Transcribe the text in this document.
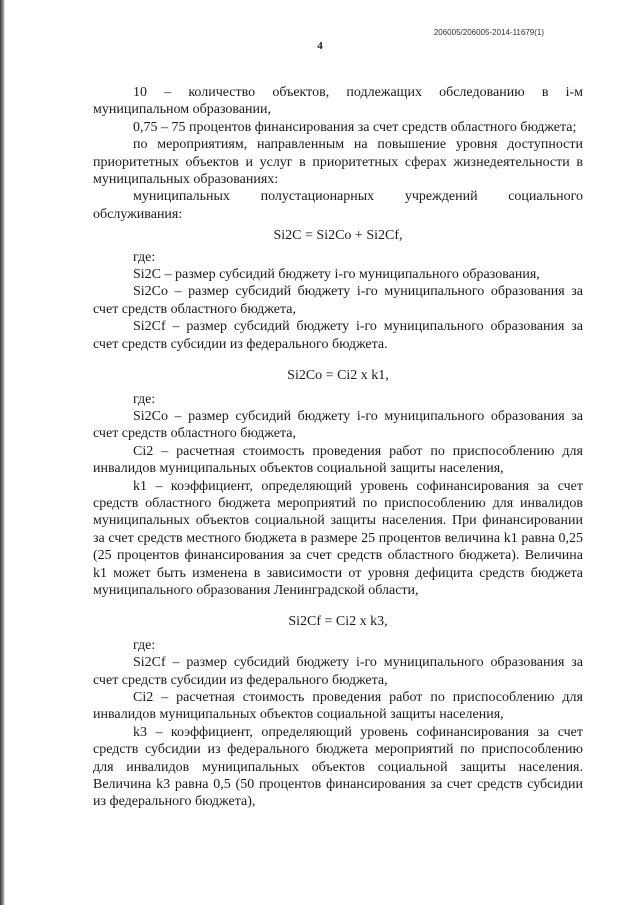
206005/206005-2014-11679(1)
4

10 – количество объектов, подлежащих обследованию в i-м муниципальном образовании,

0,75 – 75 процентов финансирования за счет средств областного бюджета;

по мероприятиям, направленным на повышение уровня доступности приоритетных объектов и услуг в приоритетных сферах жизнедеятельности в муниципальных образованиях:

муниципальных полустационарных учреждений социального обслуживания:

Si2C = Si2Co + Si2Cf,

где:

Si2C – размер субсидий бюджету i-го муниципального образования,

Si2Co – размер субсидий бюджету i-го муниципального образования за счет средств областного бюджета,

Si2Cf – размер субсидий бюджету i-го муниципального образования за счет средств субсидии из федерального бюджета.

Si2Co = Ci2 x k1,

где:

Si2Co – размер субсидий бюджету i-го муниципального образования за счет средств областного бюджета,

Ci2 – расчетная стоимость проведения работ по приспособлению для инвалидов муниципальных объектов социальной защиты населения,

k1 – коэффициент, определяющий уровень софинансирования за счет средств областного бюджета мероприятий по приспособлению для инвалидов муниципальных объектов социальной защиты населения. При финансировании за счет средств местного бюджета в размере 25 процентов величина k1 равна 0,25 (25 процентов финансирования за счет средств областного бюджета). Величина k1 может быть изменена в зависимости от уровня дефицита средств бюджета муниципального образования Ленинградской области,

Si2Cf = Ci2 x k3,

где:

Si2Cf – размер субсидий бюджету i-го муниципального образования за счет средств субсидии из федерального бюджета,

Ci2 – расчетная стоимость проведения работ по приспособлению для инвалидов муниципальных объектов социальной защиты населения,

k3 – коэффициент, определяющий уровень софинансирования за счет средств субсидии из федерального бюджета мероприятий по приспособлению для инвалидов муниципальных объектов социальной защиты населения. Величина k3 равна 0,5 (50 процентов финансирования за счет средств субсидии из федерального бюджета),
